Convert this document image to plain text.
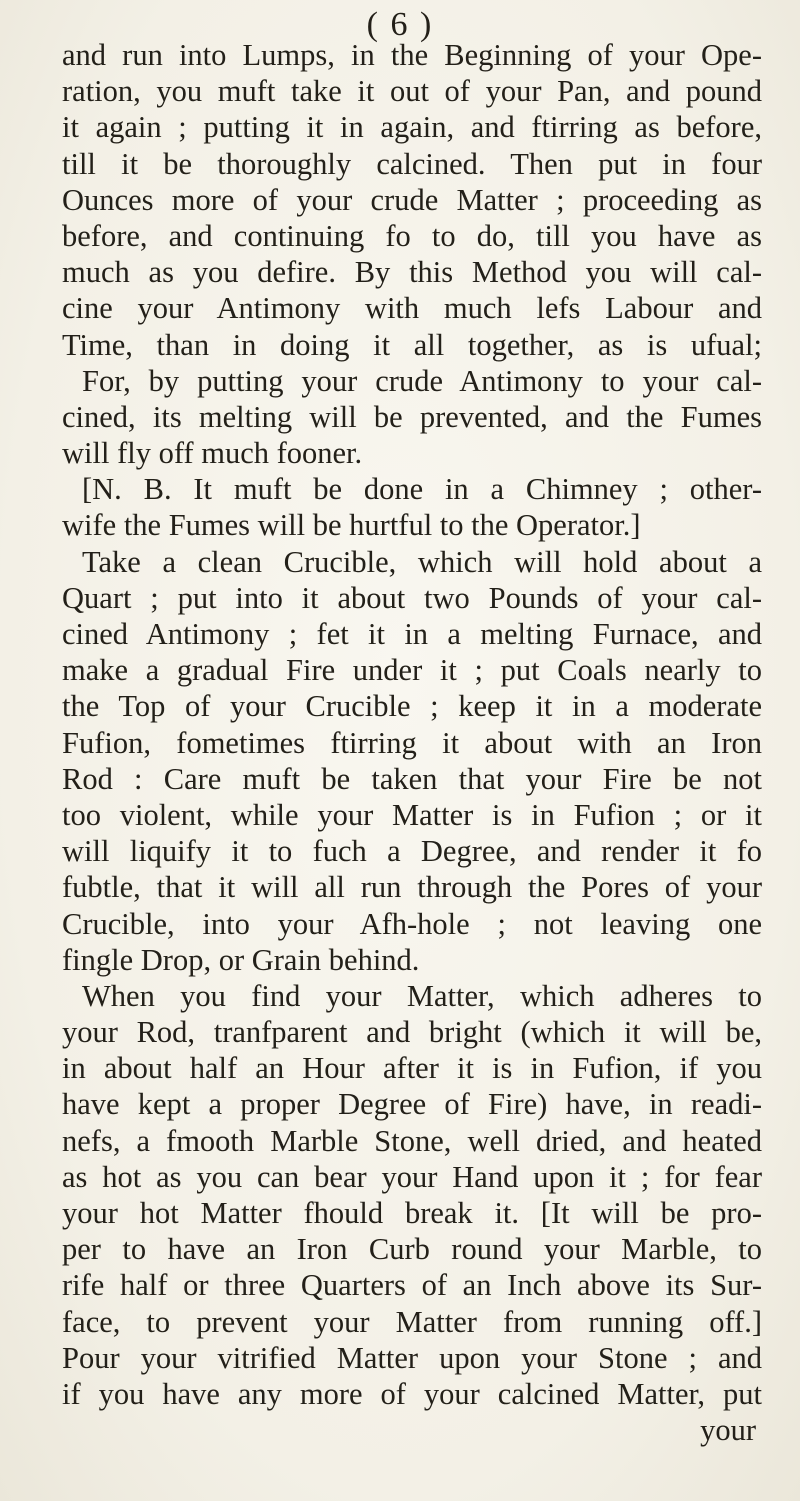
( 6 )
and run into Lumps, in the Beginning of your Ope-
ration, you muft take it out of your Pan, and pound
it again ; putting it in again, and ftirring as before,
till it be thoroughly calcined. Then put in four
Ounces more of your crude Matter ; proceeding as
before, and continuing fo to do, till you have as
much as you defire. By this Method you will cal-
cine your Antimony with much lefs Labour and
Time, than in doing it all together, as is ufual;
For, by putting your crude Antimony to your cal-
cined, its melting will be prevented, and the Fumes
will fly off much fooner.
[N. B. It muft be done in a Chimney ; other-
wife the Fumes will be hurtful to the Operator.]
Take a clean Crucible, which will hold about a
Quart ; put into it about two Pounds of your cal-
cined Antimony ; fet it in a melting Furnace, and
make a gradual Fire under it ; put Coals nearly to
the Top of your Crucible ; keep it in a moderate
Fufion, fometimes ftirring it about with an Iron
Rod : Care muft be taken that your Fire be not
too violent, while your Matter is in Fufion ; or it
will liquify it to fuch a Degree, and render it fo
fubtle, that it will all run through the Pores of your
Crucible, into your Afh-hole ; not leaving one
fingle Drop, or Grain behind.
When you find your Matter, which adheres to
your Rod, tranfparent and bright (which it will be,
in about half an Hour after it is in Fufion, if you
have kept a proper Degree of Fire) have, in readi-
nefs, a fmooth Marble Stone, well dried, and heated
as hot as you can bear your Hand upon it ; for fear
your hot Matter fhould break it. [It will be pro-
per to have an Iron Curb round your Marble, to
rife half or three Quarters of an Inch above its Sur-
face, to prevent your Matter from running off.]
Pour your vitrified Matter upon your Stone ; and
if you have any more of your calcined Matter, put
your
